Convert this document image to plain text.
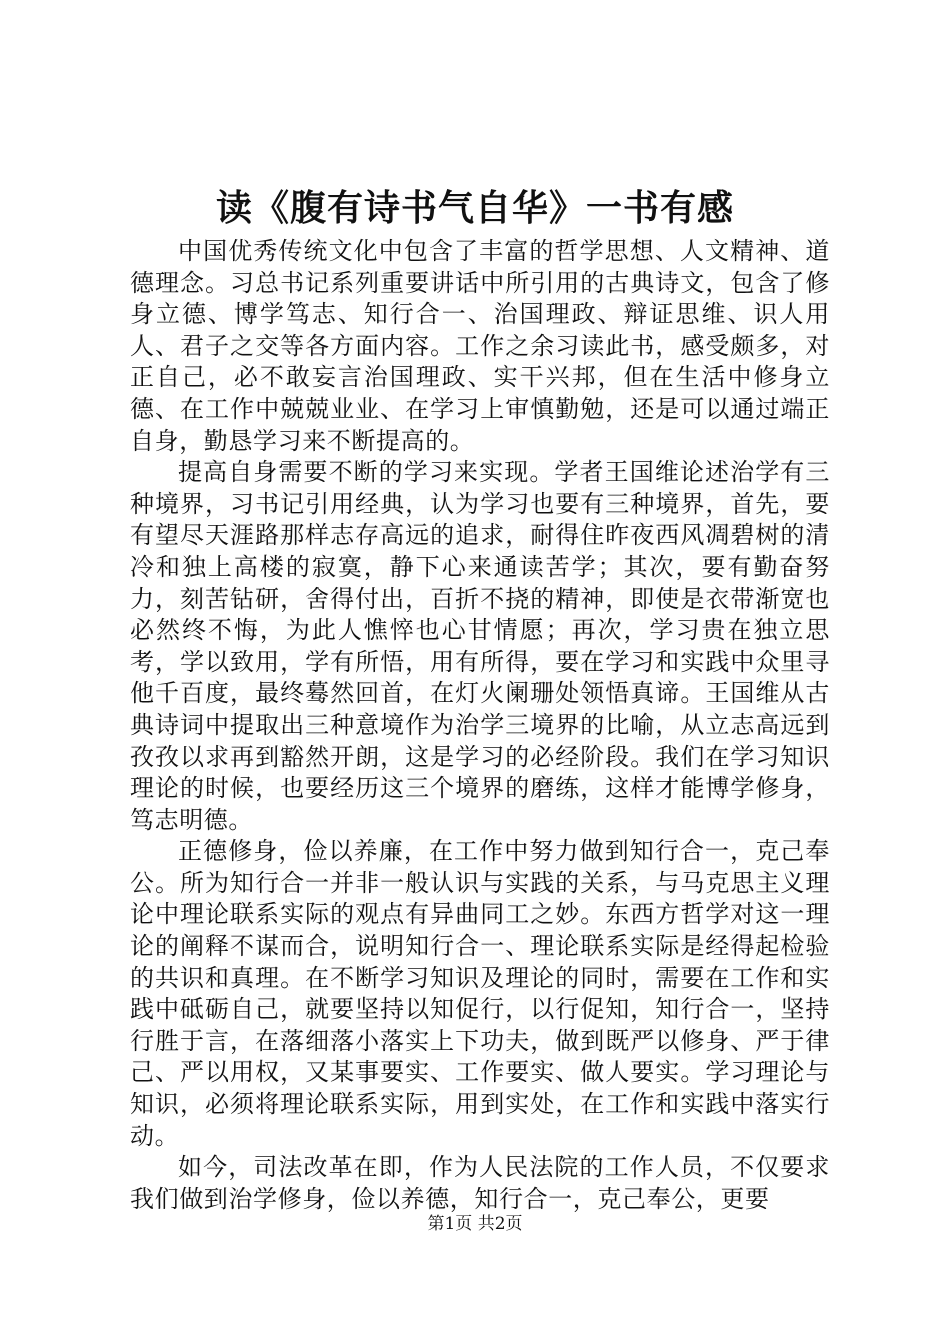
读《腹有诗书气自华》一书有感

中国优秀传统文化中包含了丰富的哲学思想、人文精神、道德理念。习总书记系列重要讲话中所引用的古典诗文，包含了修身立德、博学笃志、知行合一、治国理政、辩证思维、识人用人、君子之交等各方面内容。工作之余习读此书，感受颇多，对正自己，必不敢妄言治国理政、实干兴邦，但在生活中修身立德、在工作中兢兢业业、在学习上审慎勤勉，还是可以通过端正自身，勤恳学习来不断提高的。

提高自身需要不断的学习来实现。学者王国维论述治学有三种境界，习书记引用经典，认为学习也要有三种境界，首先，要有望尽天涯路那样志存高远的追求，耐得住昨夜西风凋碧树的清冷和独上高楼的寂寞，静下心来通读苦学；其次，要有勤奋努力，刻苦钻研，舍得付出，百折不挠的精神，即使是衣带渐宽也必然终不悔，为此人憔悴也心甘情愿；再次，学习贵在独立思考，学以致用，学有所悟，用有所得，要在学习和实践中众里寻他千百度，最终蓦然回首，在灯火阑珊处领悟真谛。王国维从古典诗词中提取出三种意境作为治学三境界的比喻，从立志高远到孜孜以求再到豁然开朗，这是学习的必经阶段。我们在学习知识理论的时候，也要经历这三个境界的磨练，这样才能博学修身，笃志明德。

正德修身，俭以养廉，在工作中努力做到知行合一，克己奉公。所为知行合一并非一般认识与实践的关系，与马克思主义理论中理论联系实际的观点有异曲同工之妙。东西方哲学对这一理论的阐释不谋而合，说明知行合一、理论联系实际是经得起检验的共识和真理。在不断学习知识及理论的同时，需要在工作和实践中砥砺自己，就要坚持以知促行，以行促知，知行合一，坚持行胜于言，在落细落小落实上下功夫，做到既严以修身、严于律己、严以用权，又某事要实、工作要实、做人要实。学习理论与知识，必须将理论联系实际，用到实处，在工作和实践中落实行动。

如今，司法改革在即，作为人民法院的工作人员，不仅要求我们做到治学修身，俭以养德，知行合一，克己奉公，更要

第1页 共2页
